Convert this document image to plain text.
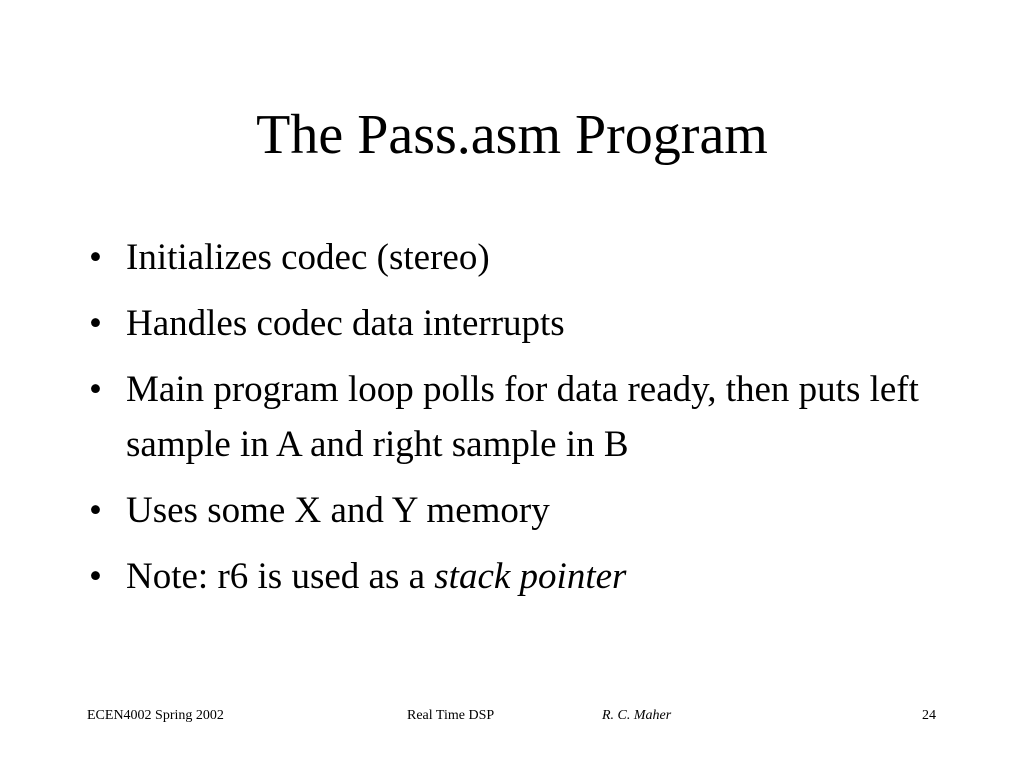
The Pass.asm Program
• Initializes codec (stereo)
• Handles codec data interrupts
• Main program loop polls for data ready, then puts left sample in A and right sample in B
• Uses some X and Y memory
• Note: r6 is used as a stack pointer
ECEN4002 Spring 2002	Real Time DSP	R. C. Maher	24
